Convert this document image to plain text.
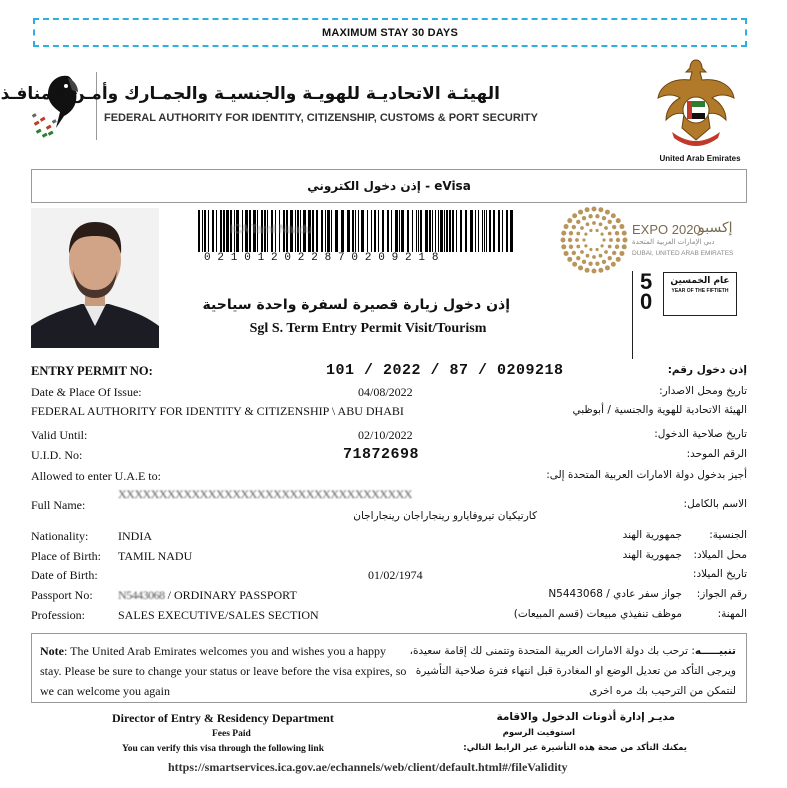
MAXIMUM STAY 30 DAYS
الهيئـة الاتحاديـة للهويـة والجنسيـة والجمـارك وأمـن المنافـذ
FEDERAL AUTHORITY FOR IDENTITY, CITIZENSHIP, CUSTOMS & PORT SECURITY
United Arab Emirates
إذن دخول الكتروني - eVisa
ICA Tamil Naadu
021012022870209218
إذن دخول زيارة قصيرة لسفرة واحدة سياحية
Sgl S. Term Entry Permit Visit/Tourism
EXPO 2020
إكسبو
دبي الإمارات العربية المتحدة
DUBAI, UNITED ARAB EMIRATES
50
عام الخمسين
YEAR OF THE FIFTIETH
ENTRY PERMIT NO:	101 / 2022 / 87 / 0209218	إذن دخول رقم:
Date & Place Of Issue:	04/08/2022	تاريخ ومحل الاصدار:
FEDERAL AUTHORITY FOR IDENTITY & CITIZENSHIP \ ABU DHABI	الهيئة الاتحادية للهوية والجنسية / أبوظبي
Valid Until:	02/10/2022	تاريخ صلاحية الدخول:
U.I.D. No:	71872698	الرقم الموحد:
Allowed to enter U.A.E to:	أجيز بدخول دولة الامارات العربية المتحدة إلى:
Full Name:
XXXXXXXXXXXXXXXXXXXXXXXXXXXXXXXXXXXX
الاسم بالكامل:
كارتيكيان تيروفايارو رينجاراجان رينجاراجان
Nationality: INDIA	جمهورية الهند	الجنسية:
Place of Birth: TAMIL NADU	جمهورية الهند محل الميلاد:
Date of Birth:	01/02/1974	تاريخ الميلاد:
Passport No: N5443068 / ORDINARY PASSPORT	جواز سفر عادي / N5443068 رقم الجواز:
Profession:	SALES EXECUTIVE/SALES SECTION	موظف تنفيذي مبيعات (قسم المبيعات)	المهنة:
Note: The United Arab Emirates welcomes you and wishes you a happy stay. Please be sure to change your status or leave before the visa expires, so we can welcome you again
تنبيـــــه: ترحب بك دولة الامارات العربية المتحدة وتتمنى لك إقامة سعيدة، ويرجى التأكد من تعديل الوضع او المغادرة قبل انتهاء فترة صلاحية التأشيرة لنتمكن من الترحيب بك مره اخرى
Director of Entry & Residency Department	مديـر إدارة أذونات الدخول والاقامة
Fees Paid	استوفيت الرسوم
You can verify this visa through the following link	يمكنك التأكد من صحة هذه التأشيرة عبر الرابط التالي:
https://smartservices.ica.gov.ae/echannels/web/client/default.html#/fileValidity
